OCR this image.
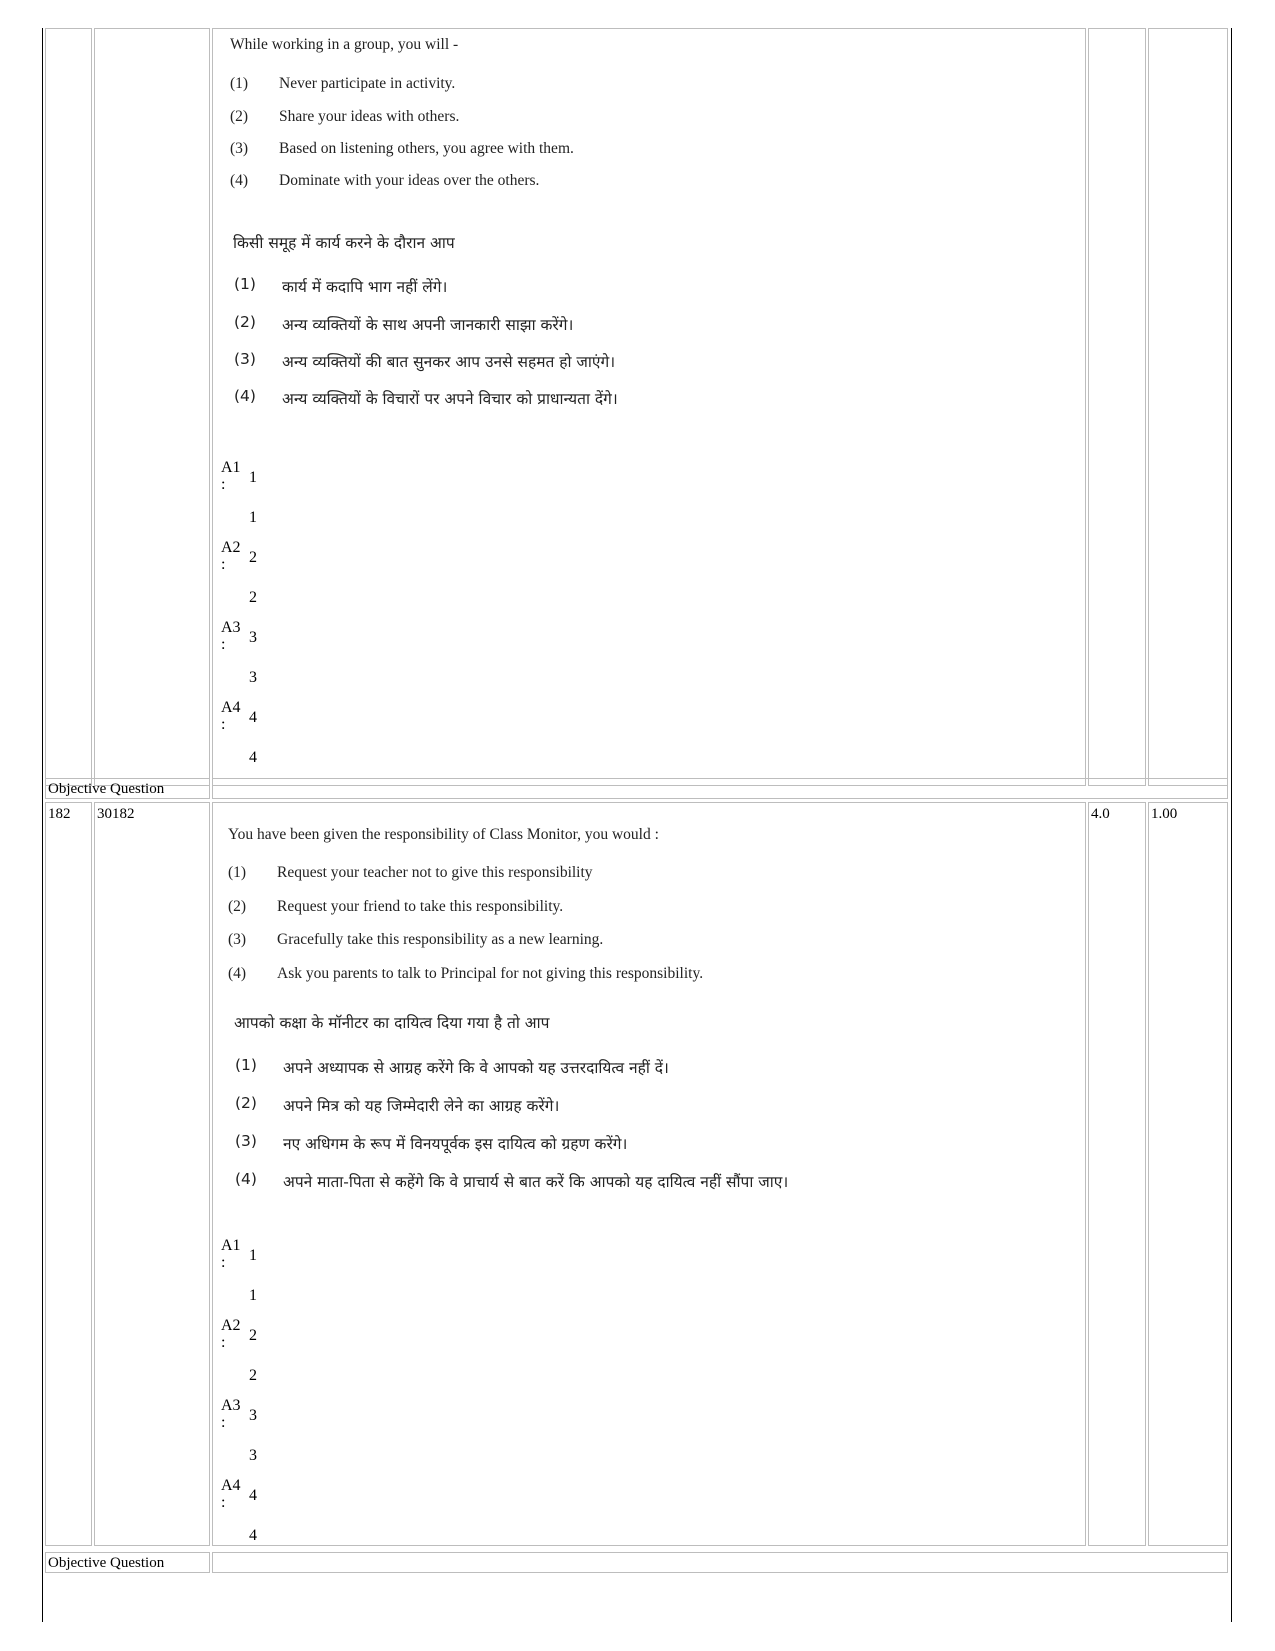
While working in a group, you will -
(1) Never participate in activity.
(2) Share your ideas with others.
(3) Based on listening others, you agree with them.
(4) Dominate with your ideas over the others.
किसी समूह में कार्य करने के दौरान आप
(1) कार्य में कदापि भाग नहीं लेंगे।
(2) अन्य व्यक्तियों के साथ अपनी जानकारी साझा करेंगे।
(3) अन्य व्यक्तियों की बात सुनकर आप उनसे सहमत हो जाएंगे।
(4) अन्य व्यक्तियों के विचारों पर अपने विचार को प्राधान्यता देंगे।
A1
: 1
1
A2
: 2
2
A3
: 3
3
A4
: 4
4
Objective Question
182 30182	4.0	1.00
You have been given the responsibility of Class Monitor, you would :
(1) Request your teacher not to give this responsibility
(2) Request your friend to take this responsibility.
(3) Gracefully take this responsibility as a new learning.
(4) Ask you parents to talk to Principal for not giving this responsibility.
आपको कक्षा के मॉनीटर का दायित्व दिया गया है तो आप
(1) अपने अध्यापक से आग्रह करेंगे कि वे आपको यह उत्तरदायित्व नहीं दें।
(2) अपने मित्र को यह जिम्मेदारी लेने का आग्रह करेंगे।
(3) नए अधिगम के रूप में विनयपूर्वक इस दायित्व को ग्रहण करेंगे।
(4) अपने माता-पिता से कहेंगे कि वे प्राचार्य से बात करें कि आपको यह दायित्व नहीं सौंपा जाए।
A1
: 1
1
A2
: 2
2
A3
: 3
3
A4
: 4
4
Objective Question
